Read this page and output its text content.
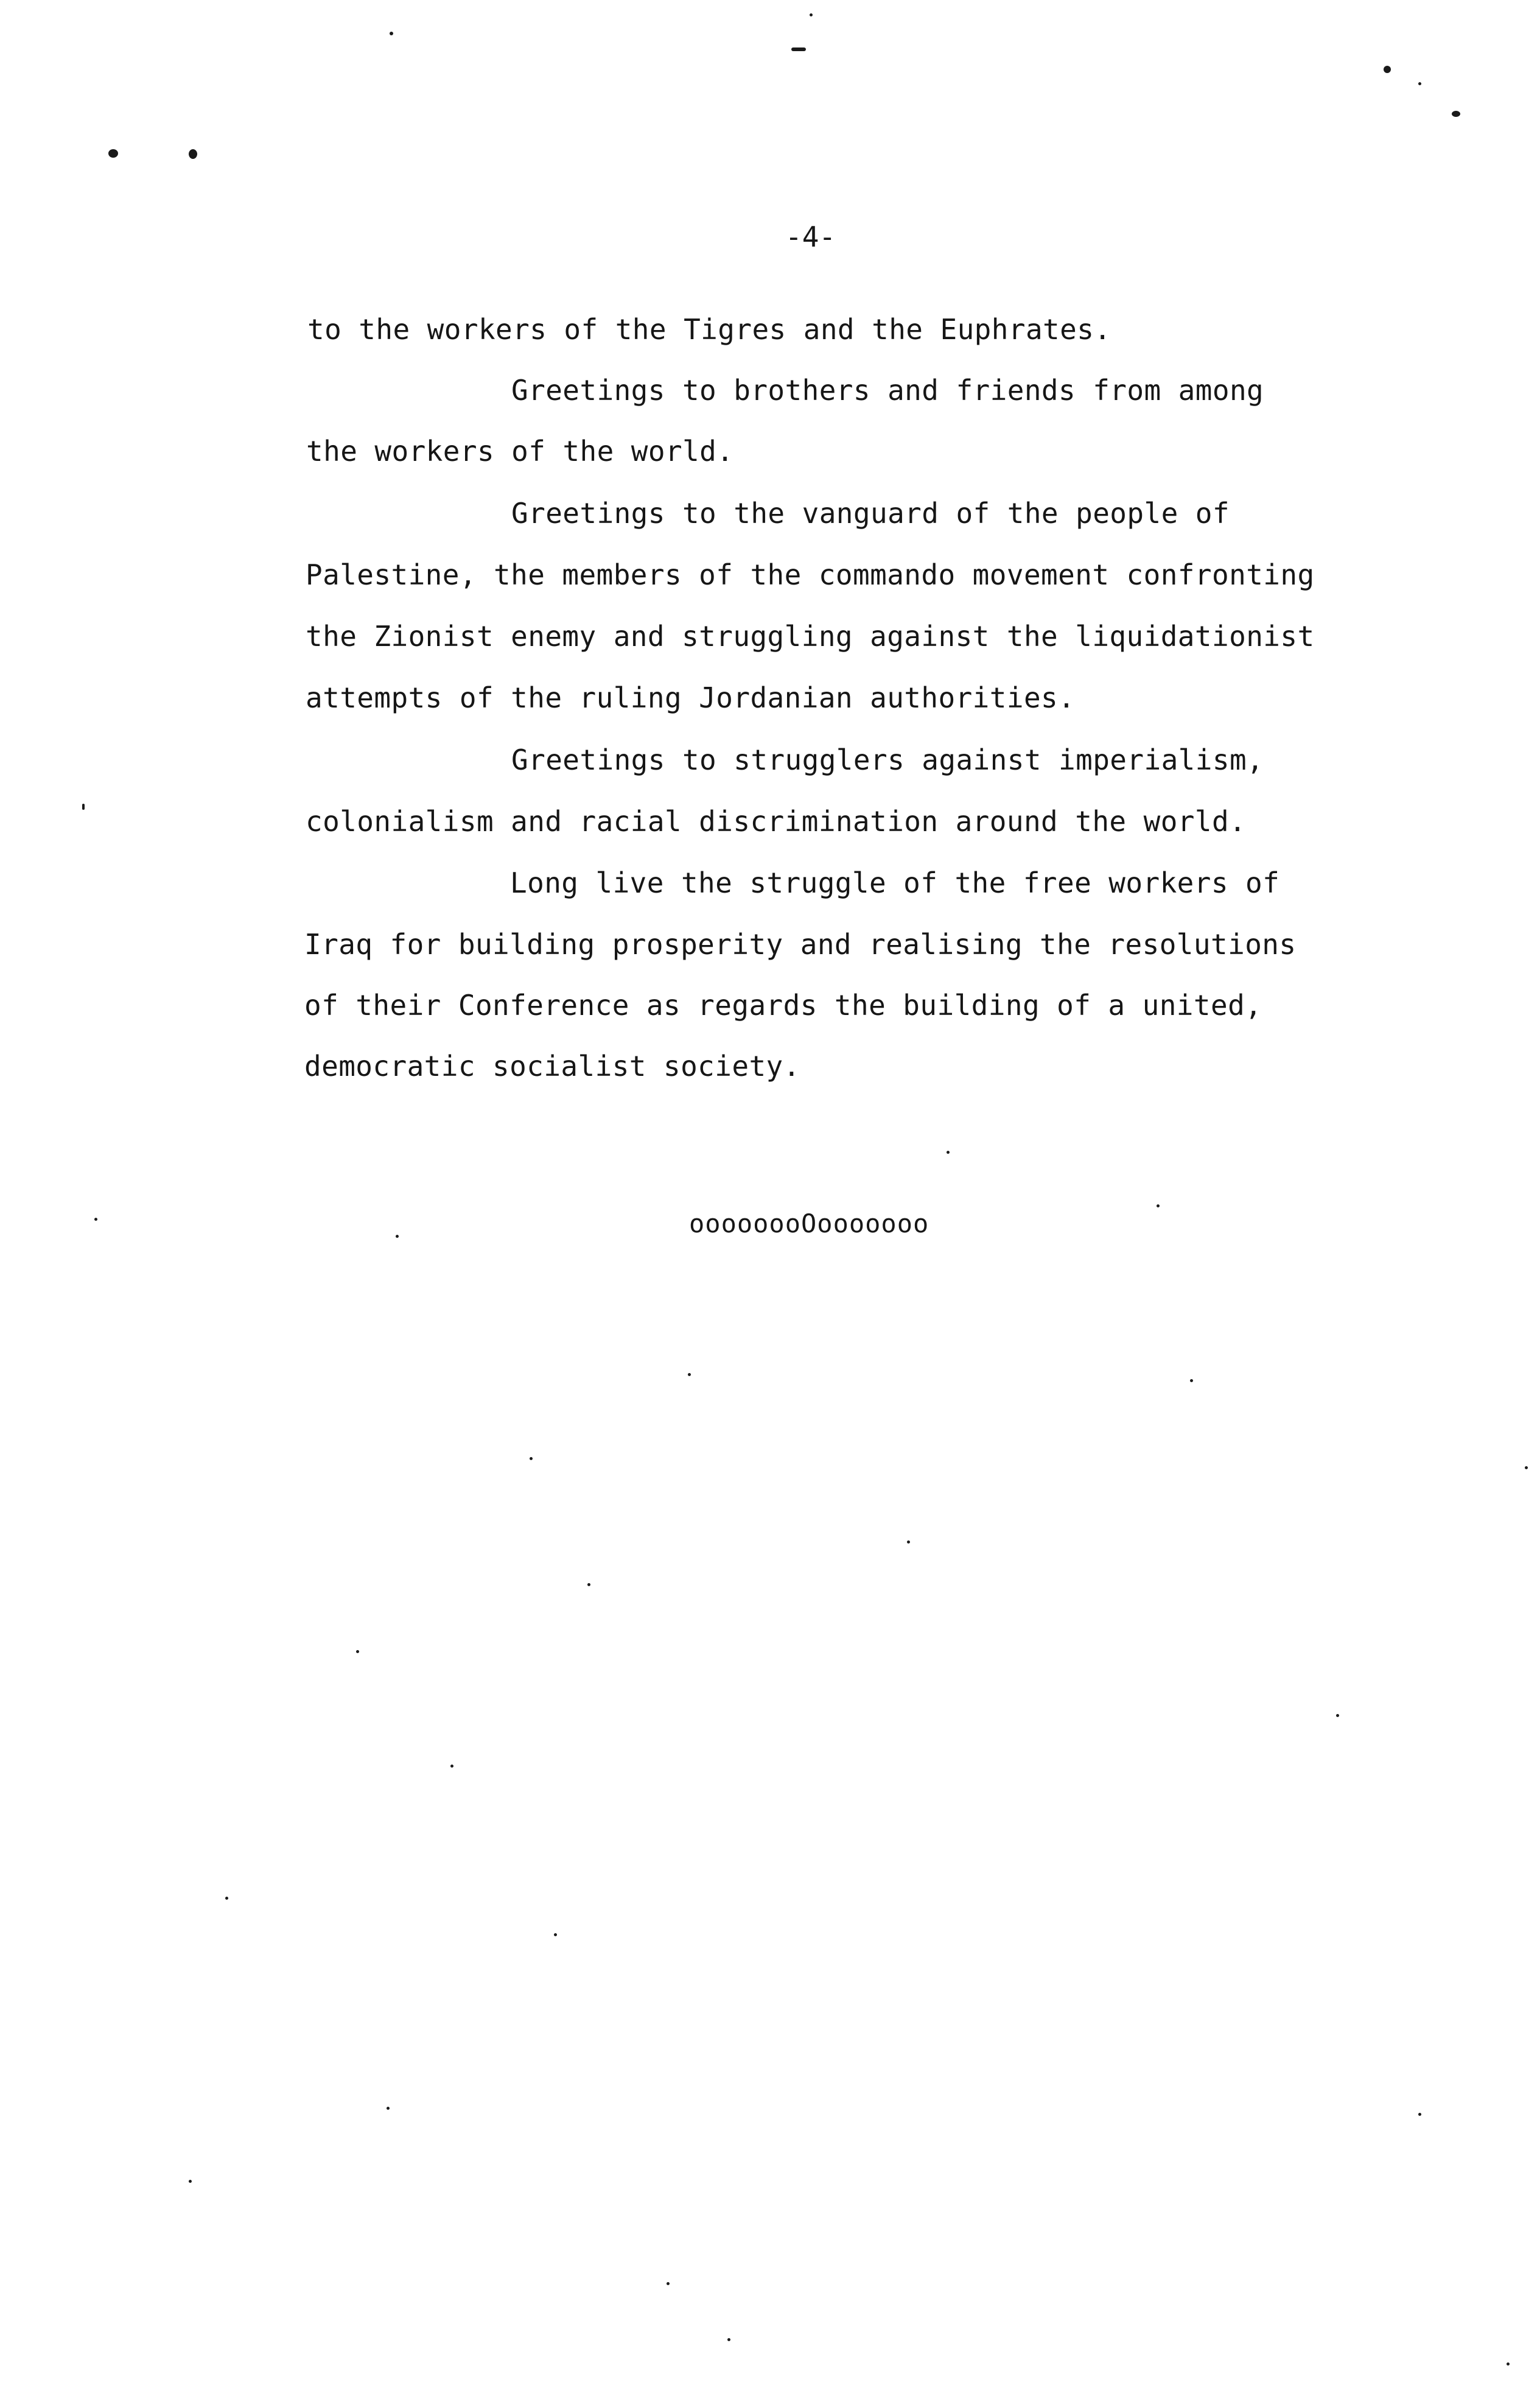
-4-
to the workers of the Tigres and the Euphrates.
Greetings to brothers and friends from among
the workers of the world.
Greetings to the vanguard of the people of
Palestine, the members of the commando movement confronting
the Zionist enemy and struggling against the liquidationist
attempts of the ruling Jordanian authorities.
Greetings to strugglers against imperialism,
colonialism and racial discrimination around the world.
Long live the struggle of the free workers of
Iraq for building prosperity and realising the resolutions
of their Conference as regards the building of a united,
democratic socialist society.
oooooooOooooooo
